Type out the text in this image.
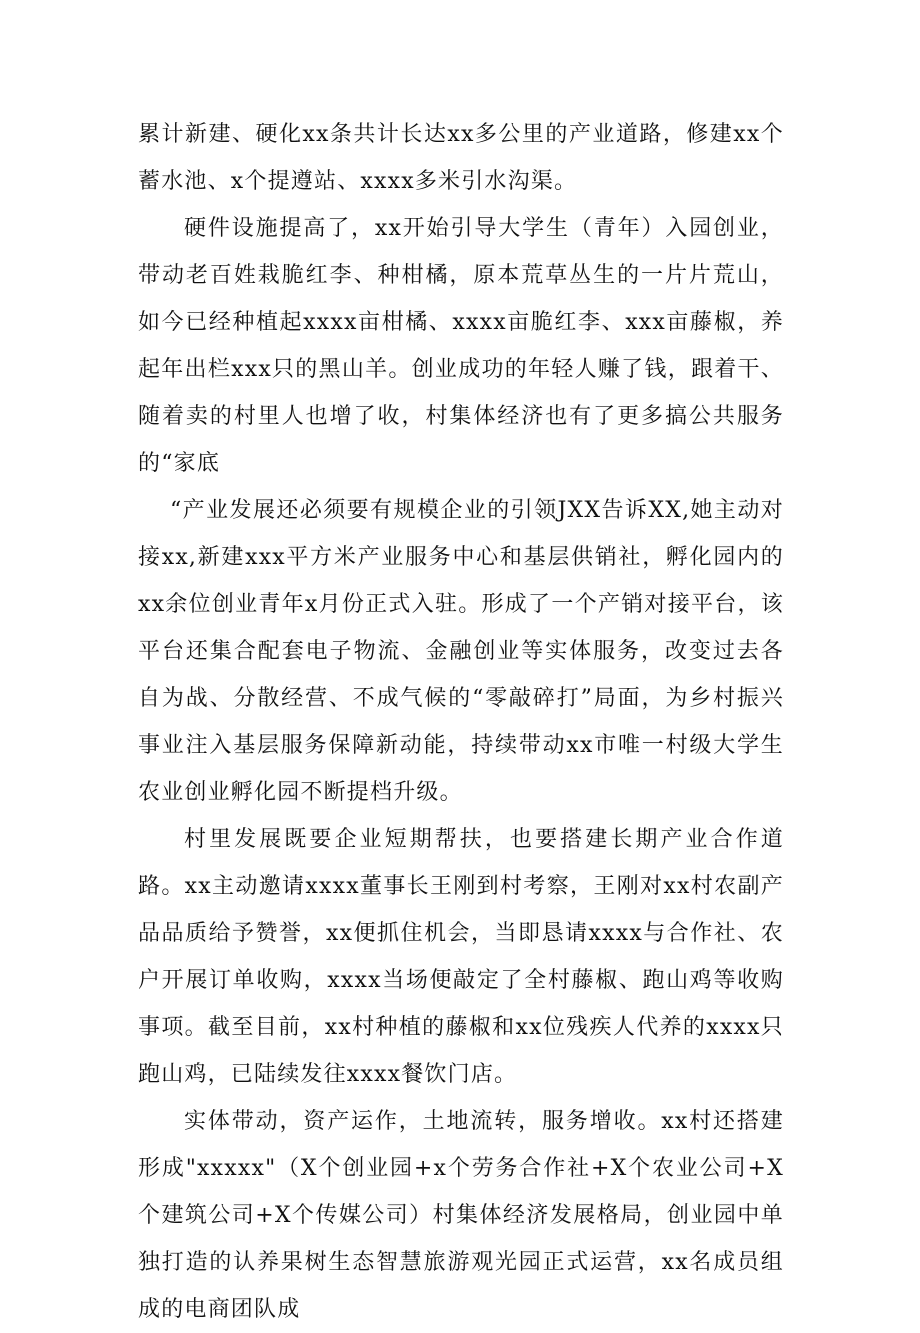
累计新建、硬化xx条共计长达xx多公里的产业道路，修建xx个蓄水池、x个提遵站、xxxx多米引水沟渠。

硬件设施提高了，xx开始引导大学生（青年）入园创业，带动老百姓栽脆红李、种柑橘，原本荒草丛生的一片片荒山，如今已经种植起xxxx亩柑橘、xxxx亩脆红李、xxx亩藤椒，养起年出栏xxx只的黑山羊。创业成功的年轻人赚了钱，跟着干、随着卖的村里人也增了收，村集体经济也有了更多搞公共服务的“家底

“产业发展还必须要有规模企业的引领JXX告诉XX,她主动对接xx,新建xxx平方米产业服务中心和基层供销社，孵化园内的xx余位创业青年x月份正式入驻。形成了一个产销对接平台，该平台还集合配套电子物流、金融创业等实体服务，改变过去各自为战、分散经营、不成气候的“零敲碎打”局面，为乡村振兴事业注入基层服务保障新动能，持续带动xx市唯一村级大学生农业创业孵化园不断提档升级。

村里发展既要企业短期帮扶，也要搭建长期产业合作道路。xx主动邀请xxxx董事长王刚到村考察，王刚对xx村农副产品品质给予赞誉，xx便抓住机会，当即恳请xxxx与合作社、农户开展订单收购，xxxx当场便敲定了全村藤椒、跑山鸡等收购事项。截至目前，xx村种植的藤椒和xx位残疾人代养的xxxx只跑山鸡，已陆续发往xxxx餐饮门店。

实体带动，资产运作，土地流转，服务增收。xx村还搭建形成"xxxxx"（X个创业园+x个劳务合作社+X个农业公司+X个建筑公司+X个传媒公司）村集体经济发展格局，创业园中单独打造的认养果树生态智慧旅游观光园正式运营，xx名成员组成的电商团队成
